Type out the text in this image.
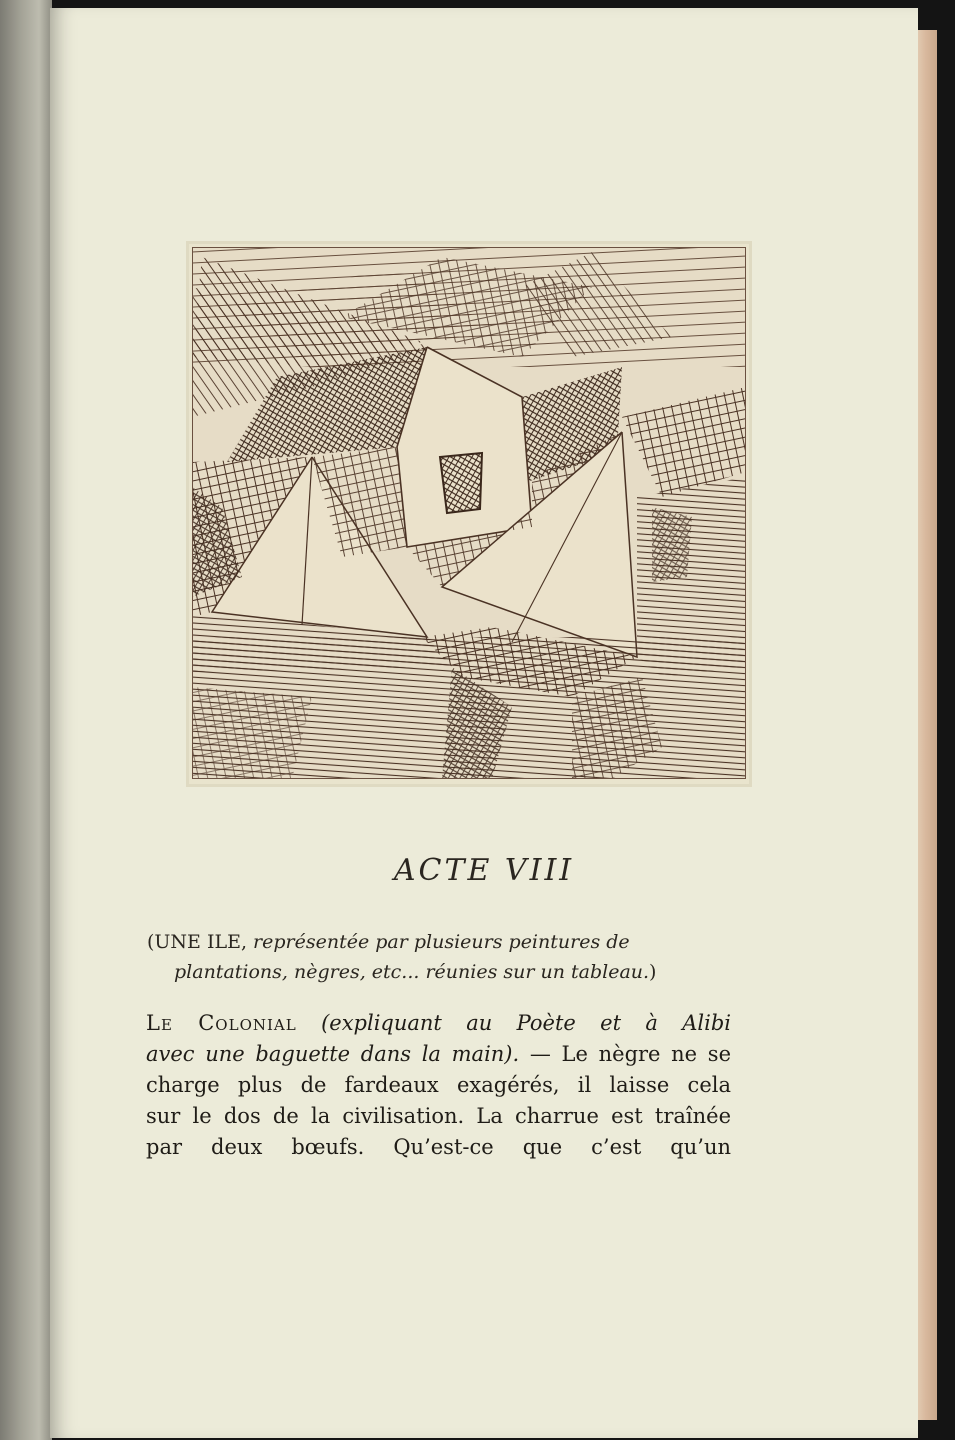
ACTE VIII
(UNE ILE, représentée par plusieurs peintures de
plantations, nègres, etc... réunies sur un tableau.)
Le Colonial (expliquant au Poète et à Alibi
avec une baguette dans la main). — Le nègre ne se
charge plus de fardeaux exagérés, il laisse cela
sur le dos de la civilisation. La charrue est traînée
par deux bœufs. Qu’est-ce que c’est qu’un
